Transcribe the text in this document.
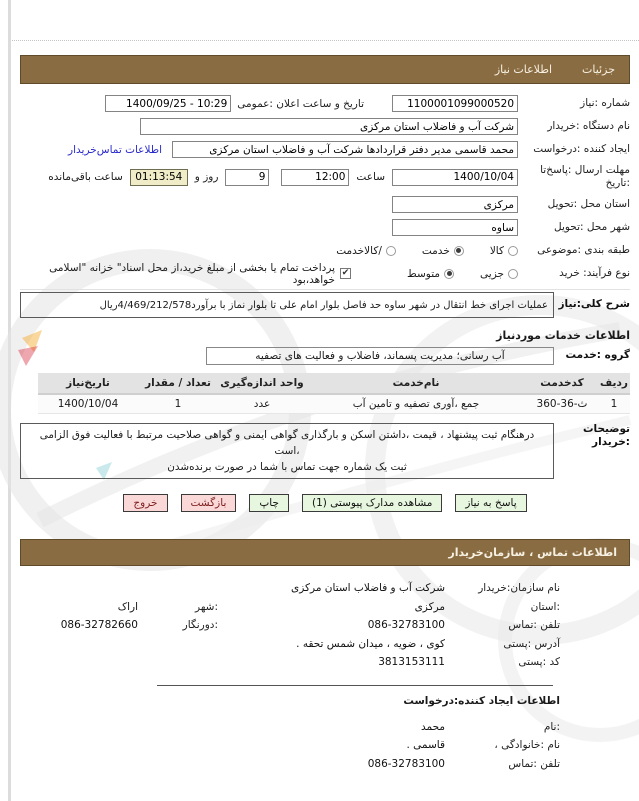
جزئیات
اطلاعات نیاز
شماره :نیاز
1100001099000520
تاریخ و ساعت اعلان :عمومی
1400/09/25 - 10:29
نام دستگاه :خریدار
شرکت آب و فاضلاب استان مرکزی
ایجاد کننده :درخواست
محمد قاسمی مدیر دفتر قراردادها شرکت آب و فاضلاب استان مرکزی
اطلاعات تماس‌خریدار
مهلت ارسال :پاسخ‌تا
:تاریخ
1400/10/04
ساعت
12:00
9
روز و
01:13:54
ساعت باقی‌مانده
استان محل :تحویل
مرکزی
شهر محل :تحویل
ساوه
طبقه بندی :موضوعی
کالا
خدمت
/کالاخدمت
نوع فرآیند: خرید
جزیی
متوسط
✔
پرداخت تمام یا بخشی از مبلغ خرید،از محل اسناد" خزانه "اسلامی خواهد،بود
شرح کلی:نیاز
عملیات اجرای خط انتقال در شهر ساوه حد فاصل بلوار امام علی تا بلوار نماز با برآورد4/469/212/578ریال
اطلاعات خدمات موردنیاز
گروه :خدمت
آب رسانی؛ مدیریت پسماند، فاضلاب و فعالیت های تصفیه
ردیف	کدخدمت	نام‌خدمت	واحد اندازه‌گیری	تعداد / مقدار	تاریخ‌نیاز
1	ث-36-360	جمع ،آوری تصفیه و تامین آب	عدد	1	1400/10/04
توضیحات
:خریدار
درهنگام ثبت پیشنهاد ، قیمت ،داشتن اسکن و بارگذاری گواهی ایمنی و گواهی صلاحیت مرتبط با فعالیت فوق الزامی ،است
ثبت یک شماره جهت تماس با شما در صورت برنده‌شدن
پاسخ به نیاز
مشاهده مدارک پیوستی (1)
چاپ
بازگشت
خروج
اطلاعات تماس ، سازمان‌خریدار
نام سازمان:خریدار
شرکت آب و فاضلاب استان مرکزی
:استان
مرکزی
:شهر
اراک
تلفن :تماس
086-32783100
:دورنگار
086-32782660
آدرس :پستی
کوی ، ضویه ، میدان شمس تحقه .
کد :پستی
3813153111
اطلاعات ایجاد کننده:درخواست
:نام
محمد
نام :خانوادگی ،
قاسمی .
تلفن :تماس
086-32783100
